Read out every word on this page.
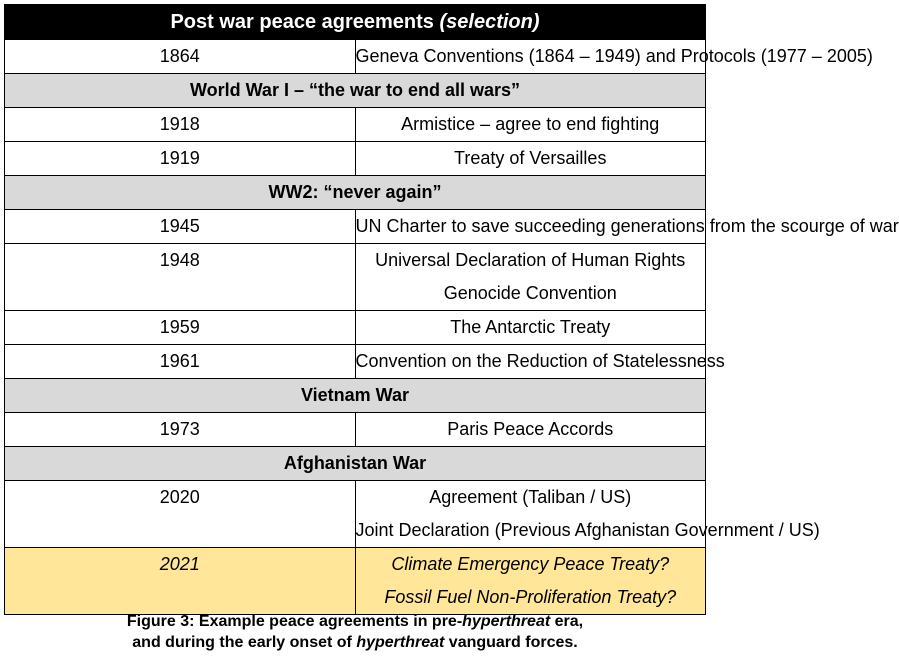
Post war peace agreements (selection)	
1864	Geneva Conventions (1864 – 1949) and Protocols (1977 – 2005)

World War I – “the war to end all wars”	
1918	Armistice – agree to end fighting

1919	Treaty of Versailles

WW2: “never again”	
1945	UN Charter to save succeeding generations from the scourge of war

1948	Universal Declaration of Human Rights
Genocide Convention

1959	The Antarctic Treaty

1961	Convention on the Reduction of Statelessness

Vietnam War	
1973	Paris Peace Accords

Afghanistan War	
2020	Agreement (Taliban / US)
Joint Declaration (Previous Afghanistan Government / US)

2021	Climate Emergency Peace Treaty?
Fossil Fuel Non-Proliferation Treaty?
Figure 3: Example peace agreements in pre-hyperthreat era,
and during the early onset of hyperthreat vanguard forces.
